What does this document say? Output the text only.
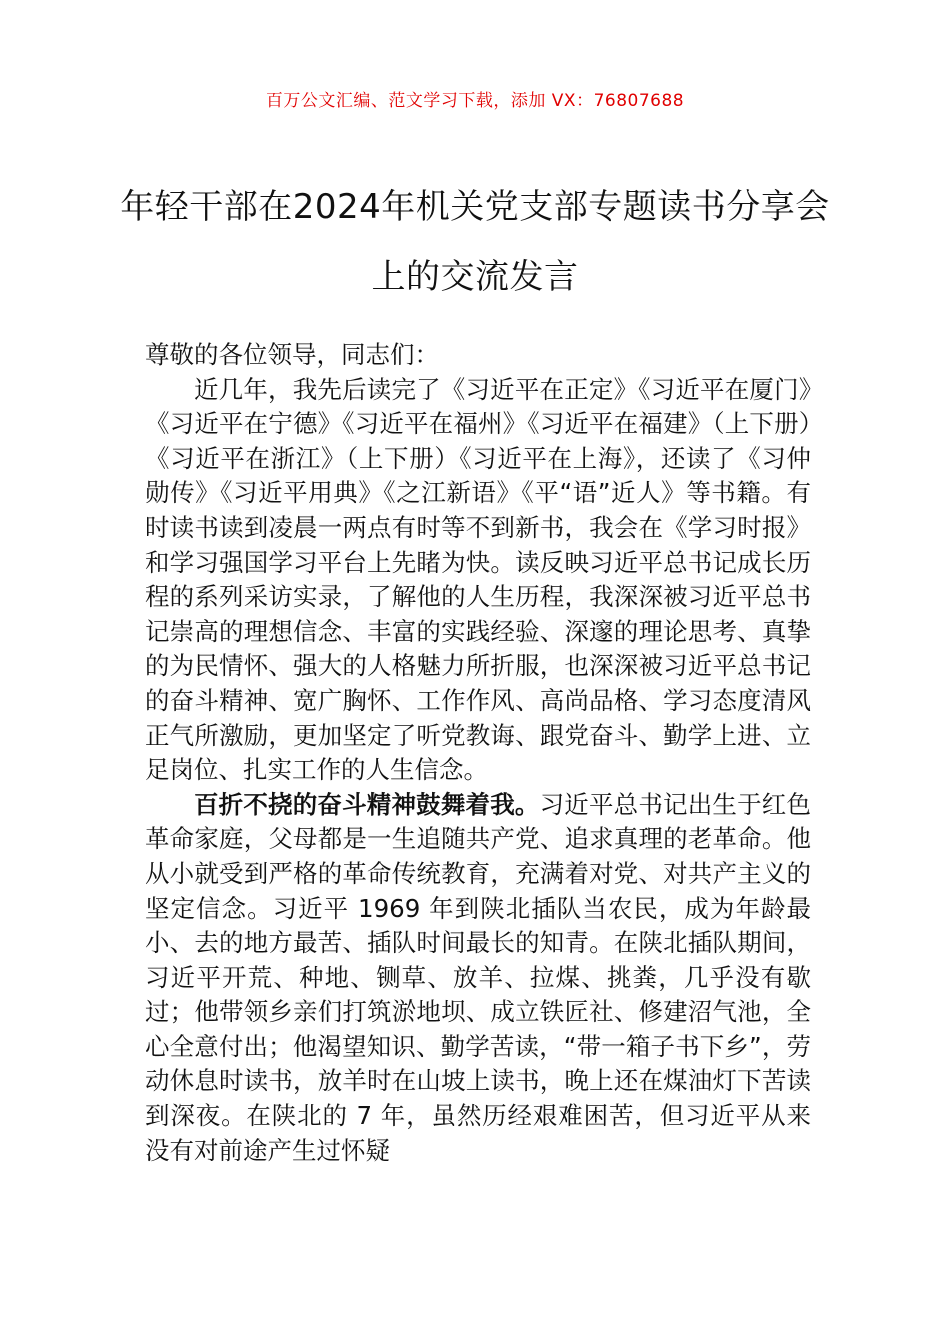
百万公文汇编、范文学习下载，添加 VX：76807688
年轻干部在2024年机关党支部专题读书分享会上的交流发言

尊敬的各位领导，同志们：

近几年，我先后读完了《习近平在正定》《习近平在厦门》《习近平在宁德》《习近平在福州》《习近平在福建》（上下册）《习近平在浙江》（上下册）《习近平在上海》，还读了《习仲勋传》《习近平用典》《之江新语》《平“语”近人》等书籍。有时读书读到凌晨一两点有时等不到新书，我会在《学习时报》和学习强国学习平台上先睹为快。读反映习近平总书记成长历程的系列采访实录，了解他的人生历程，我深深被习近平总书记崇高的理想信念、丰富的实践经验、深邃的理论思考、真挚的为民情怀、强大的人格魅力所折服，也深深被习近平总书记的奋斗精神、宽广胸怀、工作作风、高尚品格、学习态度清风正气所激励，更加坚定了听党教诲、跟党奋斗、勤学上进、立足岗位、扎实工作的人生信念。

百折不挠的奋斗精神鼓舞着我。习近平总书记出生于红色革命家庭，父母都是一生追随共产党、追求真理的老革命。他从小就受到严格的革命传统教育，充满着对党、对共产主义的坚定信念。习近平 1969 年到陕北插队当农民，成为年龄最小、去的地方最苦、插队时间最长的知青。在陕北插队期间，习近平开荒、种地、铡草、放羊、拉煤、挑粪，几乎没有歇过；他带领乡亲们打筑淤地坝、成立铁匠社、修建沼气池，全心全意付出；他渴望知识、勤学苦读，“带一箱子书下乡”，劳动休息时读书，放羊时在山坡上读书，晚上还在煤油灯下苦读到深夜。在陕北的 7 年，虽然历经艰难困苦，但习近平从来没有对前途产生过怀疑
